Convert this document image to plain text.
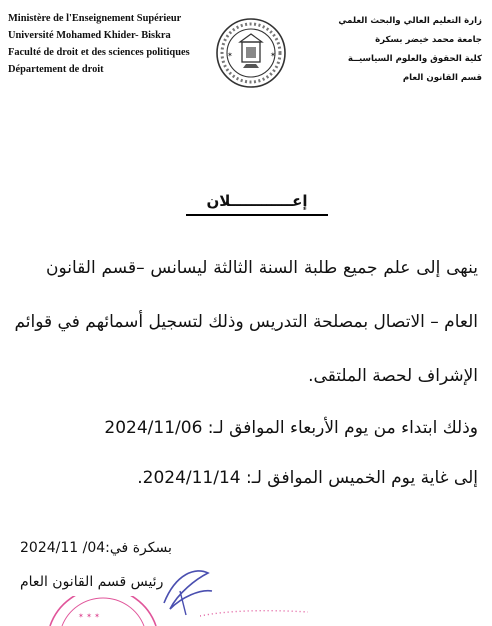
Ministère de l'Enseignement Supérieur
Université Mohamed Khider- Biskra
Faculté de droit et des sciences politiques
Département de droit
✶	✶
زارة التعليم العالي والبحث العلمي
جامعة محمد خيضر بسكرة
كلية الحقوق والعلوم السياسيــة
قسم القانون العام
إعــــــــــــلان
ينهى إلى علم جميع طلبة السنة الثالثة ليسانس –قسم القانون
العام – الاتصال بمصلحة التدريس وذلك لتسجيل أسمائهم في قوائم
الإشراف لحصة الملتقى.
وذلك ابتداء من يوم الأربعاء الموافق لـ: 2024/11/06
إلى غاية يوم الخميس الموافق لـ: 2024/11/14.
بسكرة في:04/ 2024/11
رئيس قسم القانون العام
✶ ✶ ✶
